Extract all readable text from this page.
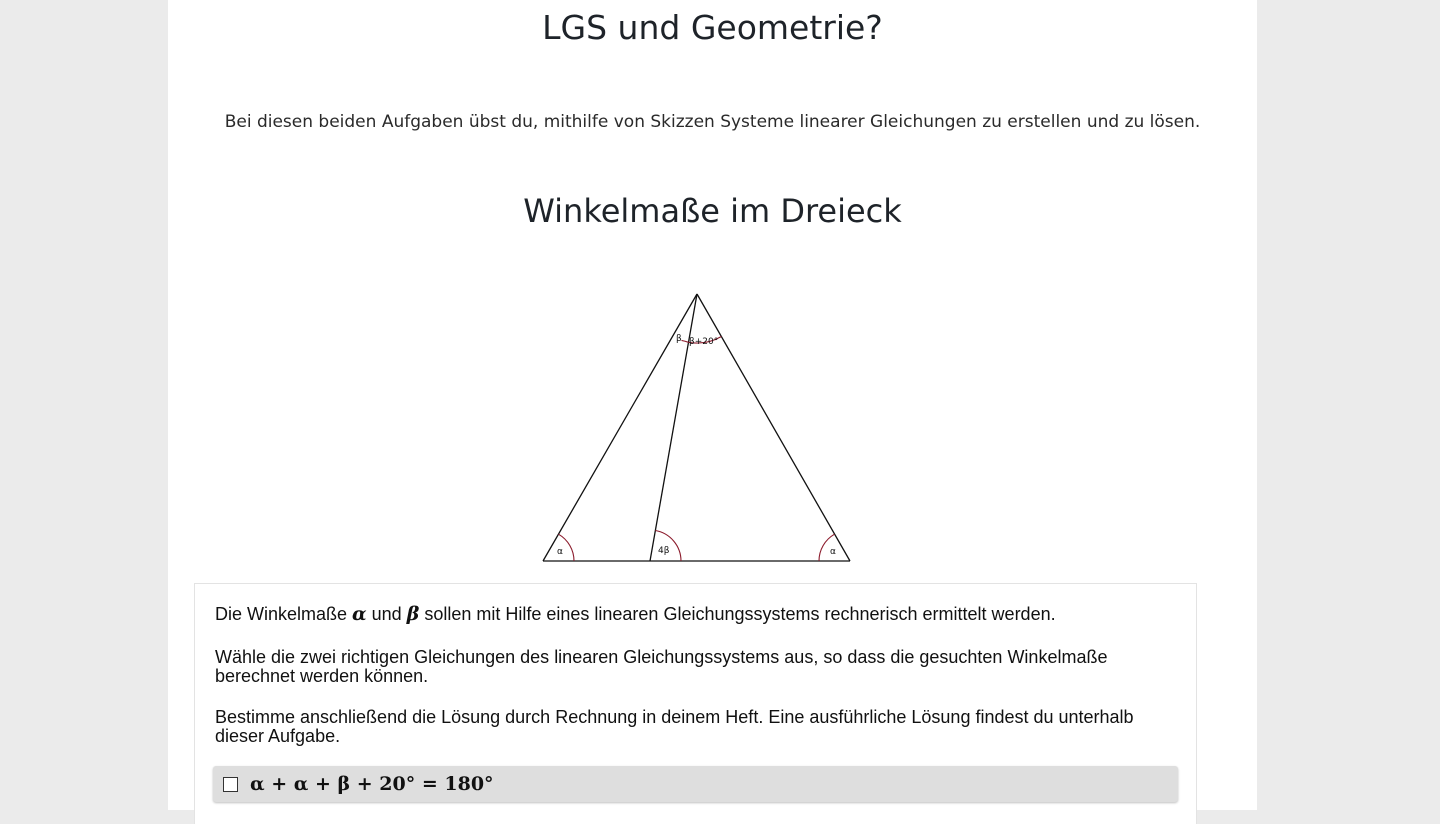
LGS und Geometrie?

Bei diesen beiden Aufgaben übst du, mithilfe von Skizzen Systeme linearer Gleichungen zu erstellen und zu lösen.

Winkelmaße im Dreieck
β β+20°
α	4β	α

Die Winkelmaße α und β sollen mit Hilfe eines linearen Gleichungssystems rechnerisch ermittelt werden.

Wähle die zwei richtigen Gleichungen des linearen Gleichungssystems aus, so dass die gesuchten Winkelmaße berechnet werden können.

Bestimme anschließend die Lösung durch Rechnung in deinem Heft. Eine ausführliche Lösung findest du unterhalb dieser Aufgabe.

α + α + β + 20° = 180°
